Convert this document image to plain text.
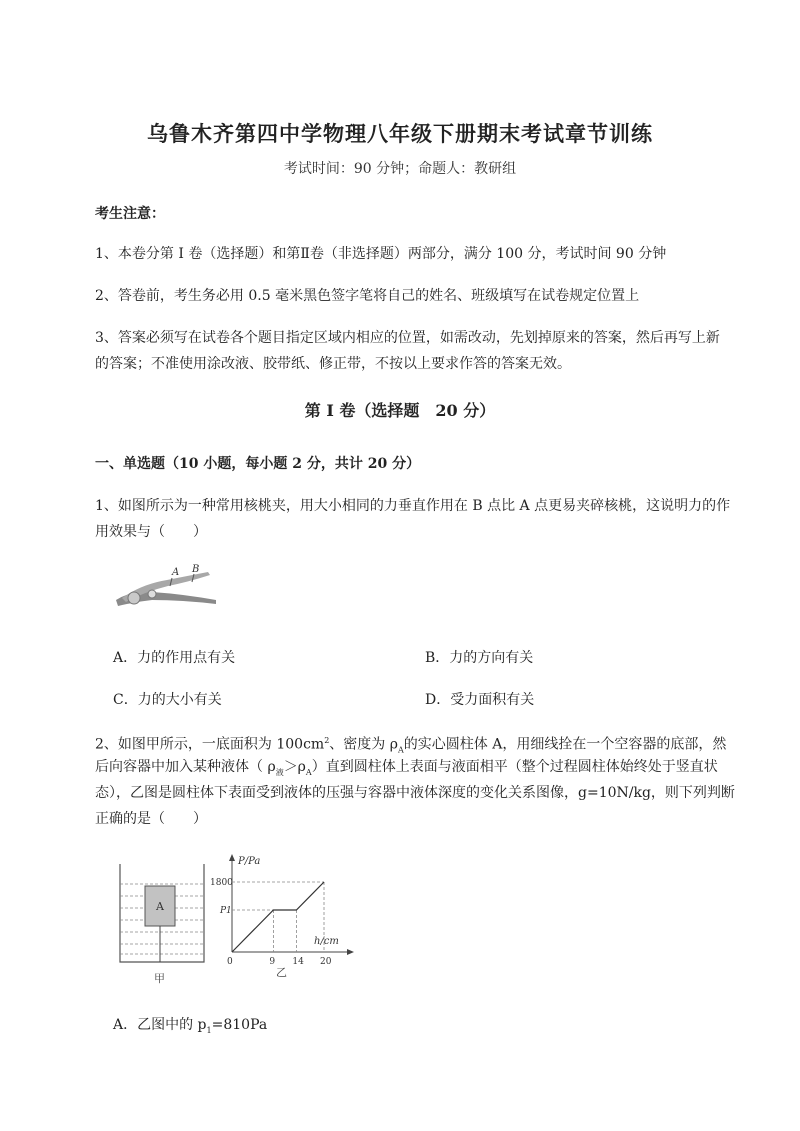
乌鲁木齐第四中学物理八年级下册期末考试章节训练
考试时间：90 分钟；命题人：教研组
考生注意：
1、本卷分第 I 卷（选择题）和第Ⅱ卷（非选择题）两部分，满分 100 分，考试时间 90 分钟
2、答卷前，考生务必用 0.5 毫米黑色签字笔将自己的姓名、班级填写在试卷规定位置上
3、答案必须写在试卷各个题目指定区域内相应的位置，如需改动，先划掉原来的答案，然后再写上新
的答案；不准使用涂改液、胶带纸、修正带，不按以上要求作答的答案无效。
第 I 卷（选择题　20 分）
一、单选题（10 小题，每小题 2 分，共计 20 分）
1、如图所示为一种常用核桃夹，用大小相同的力垂直作用在 B 点比 A 点更易夹碎核桃，这说明力的作
用效果与（　　）
A B
A．力的作用点有关	B．力的方向有关
C．力的大小有关	D．受力面积有关
2、如图甲所示，一底面积为 $100cm^2$、密度为 $\rho_A$的实心圆柱体 A，用细线拴在一个空容器的底部，然
后向容器中加入某种液体（ $\rho_液>\rho_A$）直到圆柱体上表面与液面相平（整个过程圆柱体始终处于竖直状
态），乙图是圆柱体下表面受到液体的压强与容器中液体深度的变化关系图像，g=10N/kg，则下列判断
正确的是（　　）
A
甲
P/Pa
h/cm
1800
P1
0	9 14 20
乙
A．乙图中的 $p_1=810Pa$
